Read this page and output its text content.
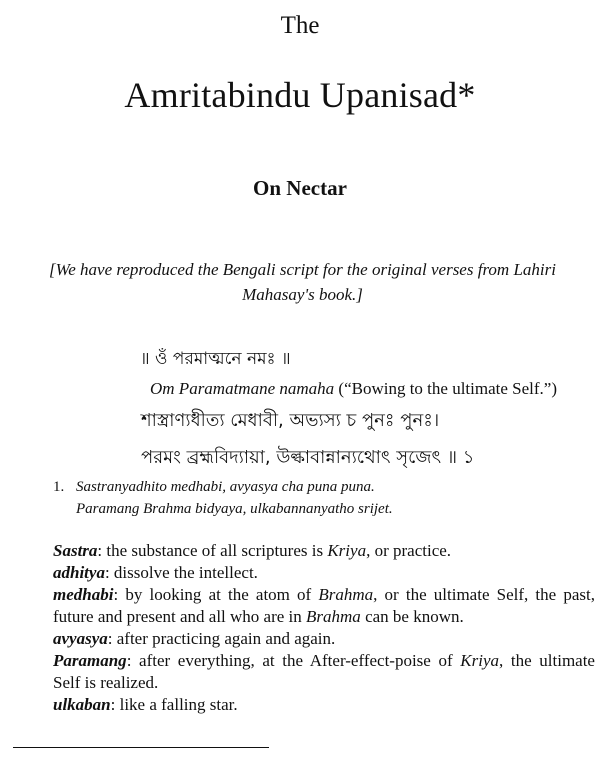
The
Amritabindu Upanisad*
On Nectar
[We have reproduced the Bengali script for the original verses from Lahiri Mahasay's book.]
॥ ওঁ পরমাত্মনে নমঃ ॥
Om Paramatmane namaha (“Bowing to the ultimate Self.”)
শাস্ত্রাণ্যধীত্য মেধাবী, অভ্যস্য চ পুনঃ পুনঃ।
পরমং ব্রহ্মবিদ্যায়া, উল্কাবান্নান্যথোৎ সৃজেৎ ॥ ১
1. Sastranyadhito medhabi, avyasya cha puna puna.
Paramang Brahma bidyaya, ulkabannanyatho srijet.

Sastra: the substance of all scriptures is Kriya, or practice.

adhitya: dissolve the intellect.

medhabi: by looking at the atom of Brahma, or the ultimate Self, the past, future and present and all who are in Brahma can be known.

avyasya: after practicing again and again.

Paramang: after everything, at the After-effect-poise of Kriya, the ultimate Self is realized.

ulkaban: like a falling star.
